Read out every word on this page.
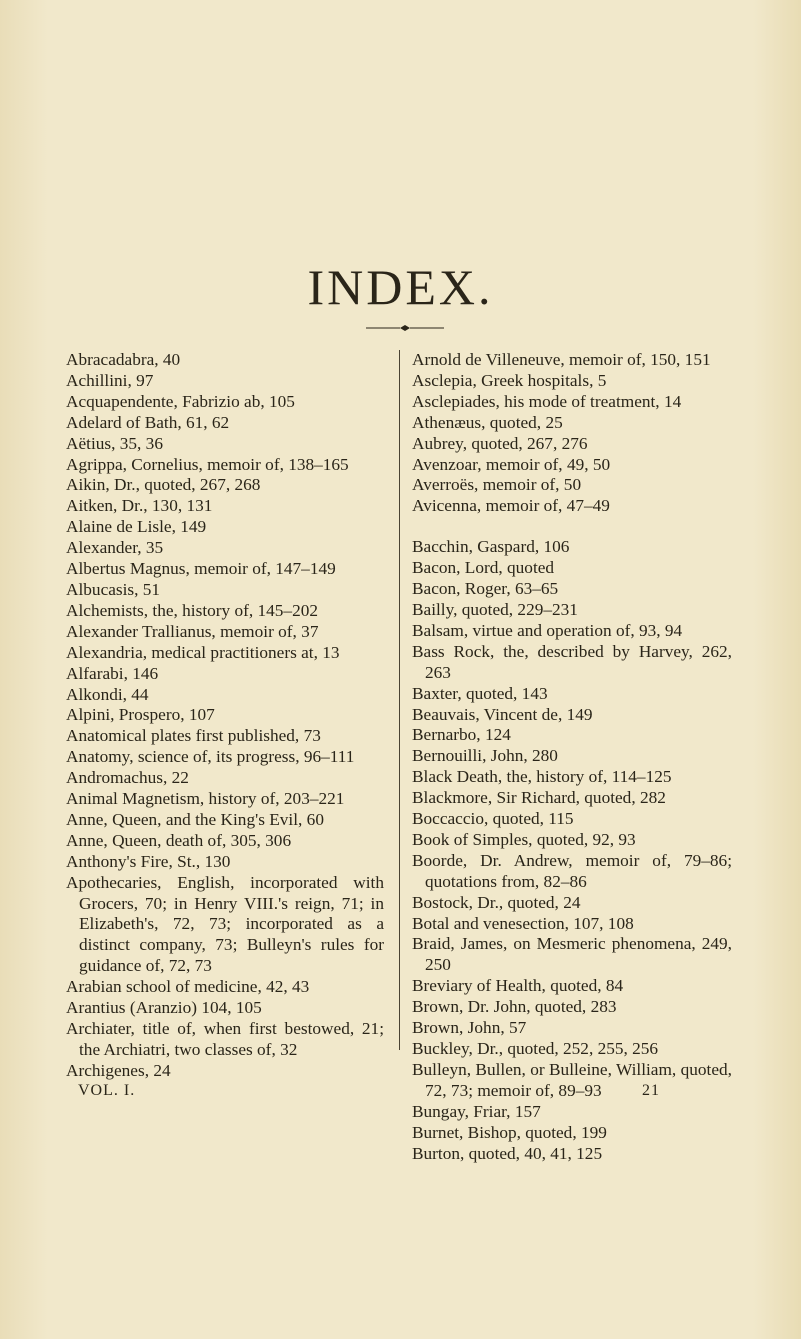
INDEX.
Abracadabra, 40
Achillini, 97
Acquapendente, Fabrizio ab, 105
Adelard of Bath, 61, 62
Aëtius, 35, 36
Agrippa, Cornelius, memoir of, 138–165
Aikin, Dr., quoted, 267, 268
Aitken, Dr., 130, 131
Alaine de Lisle, 149
Alexander, 35
Albertus Magnus, memoir of, 147–149
Albucasis, 51
Alchemists, the, history of, 145–202
Alexander Trallianus, memoir of, 37
Alexandria, medical practitioners at, 13
Alfarabi, 146
Alkondi, 44
Alpini, Prospero, 107
Anatomical plates first published, 73
Anatomy, science of, its progress, 96–111
Andromachus, 22
Animal Magnetism, history of, 203–221
Anne, Queen, and the King's Evil, 60
Anne, Queen, death of, 305, 306
Anthony's Fire, St., 130
Apothecaries, English, incorporated with Grocers, 70; in Henry VIII.'s reign, 71; in Elizabeth's, 72, 73; incorporated as a distinct company, 73; Bulleyn's rules for guidance of, 72, 73
Arabian school of medicine, 42, 43
Arantius (Aranzio) 104, 105
Archiater, title of, when first bestowed, 21; the Archiatri, two classes of, 32
Archigenes, 24
Arnold de Villeneuve, memoir of, 150, 151
Asclepia, Greek hospitals, 5
Asclepiades, his mode of treatment, 14
Athenæus, quoted, 25
Aubrey, quoted, 267, 276
Avenzoar, memoir of, 49, 50
Averroës, memoir of, 50
Avicenna, memoir of, 47–49
Bacchin, Gaspard, 106
Bacon, Lord, quoted
Bacon, Roger, 63–65
Bailly, quoted, 229–231
Balsam, virtue and operation of, 93, 94
Bass Rock, the, described by Harvey, 262, 263
Baxter, quoted, 143
Beauvais, Vincent de, 149
Bernarbo, 124
Bernouilli, John, 280
Black Death, the, history of, 114–125
Blackmore, Sir Richard, quoted, 282
Boccaccio, quoted, 115
Book of Simples, quoted, 92, 93
Boorde, Dr. Andrew, memoir of, 79–86; quotations from, 82–86
Bostock, Dr., quoted, 24
Botal and venesection, 107, 108
Braid, James, on Mesmeric phenomena, 249, 250
Breviary of Health, quoted, 84
Brown, Dr. John, quoted, 283
Brown, John, 57
Buckley, Dr., quoted, 252, 255, 256
Bulleyn, Bullen, or Bulleine, William, quoted, 72, 73; memoir of, 89–93
Bungay, Friar, 157
Burnet, Bishop, quoted, 199
Burton, quoted, 40, 41, 125
VOL. I.	21
